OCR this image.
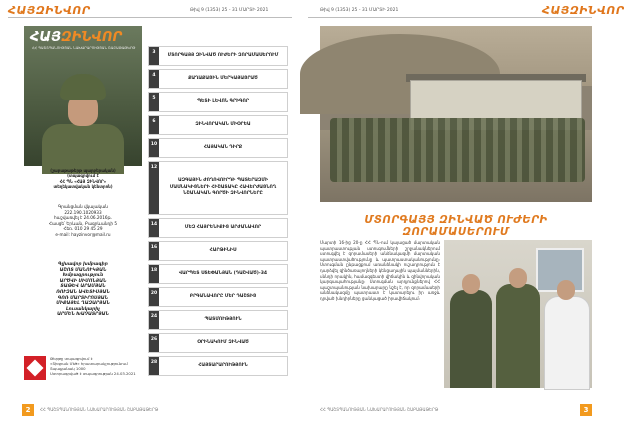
ՀԱՅԶԻՆՎՈՐ	Թիվ 9 (1353) 25 - 31 ՄԱՐՏԻ 2021
ՀԱՅԶԻՆՎՈՐ
ՀՀ ՊԱՇՏՊԱՆՈՒԹՅԱՆ ՆԱԽԱՐԱՐՈՒԹՅԱՆ ՇԱԲԱԹԱԹԵՐԹ
(շաբաթաթերթ պարբերական)
(տպագրվում է
ՀՀ ՊՆ «ՀԱՅ ԶԻՆՎՈՐ»
տեղեկատվական կենտրոն)
Գրանցման վկայական
222.190.1020933
հաշվառվել է 24.06.2016թ.
Հասցե՝ Երևան, Բագրևանդի 5
Հեռ. 010 29 45 29
e-mail: hayzinvor@mail.ru
Գլխավոր խմբագիր
ԱՇՈՏ ՄԱՆՈՒԿՅԱՆ
Խմբագրություն
ԱՐԾՎԻ ՍԻՄՈՆՅԱՆ
ՏԱԹԵՎ ԱՐԱՄՅԱՆ
ՌՈՒԶԱՆ ԱՎԵՏԻՍՅԱՆ
ԳՈՌ ՄԱՐՏԻՐՈՍՅԱՆ
ՄԻՔԱՅԵԼ ՂԱԶԱՐՅԱՆ
Լուսանկարիչ
ԱՐՄԵՆ ԽԱՉԱՏՐՅԱՆ
Թերթը տպագրվում է
«Տիգրան Մեծ» հրատարակչությունում
Տպաքանակ 1000
Ստորագրված է տպագրության 24.03.2021
3
ՄՏՈՐԳԱՅՅ ԶԻՆՎԱԾ ՈՒԺԵՐԻ ԶՈՐԱՄԱՍԵՐՈՒՄ
4
ՔԱՂԱՔԱՑԻՆ ՄԵՐԿԱՅԱՑՐԱԾ
5
ՊԵՏԻ ԼԵՎՈՆ ԳՐԻԳՈՐ
6
ԶԻՆՎՈՐԱԿԱՆ ՄԻՕՐԵԱ
10
ՀԱՅԱԿԱՆ ԴԻՐՔ
12
ԱԶԳԱՅԻՆ ԺՈՂՈՎՈՒՐԴԻ ՊԱՏԵՐԱԶՄԻ ՄԱՍՆԱԿԻՑՆԵՐԻ ՀԻՇԱՏԱԿԸ ՀԱՎԵՐԺԱՑՆՈՂ ՆՇԱՆԱԿԱՆ ԳՈՐԾԻ ԶԻՆՎՈՐՆԵՐԸ
14
ՄԵԶ ՀԱՅՐԵՆԻՔԻՑ ԱՐԺԱՆԱՎՈՐ
16
ՀԱՐԹԻՆԻՍ
18
ՎԱՐՊԵՏ ՍՏԵՓԱՆՅԱՆ (ԴԱՇՎԱԾ)-34
20
ԲՐԳԱՆԱՎՈՐԸ ՄԵՐ ԴԱՇՏԻՑ
24
ՊԱՏՄՈՒԹՅՈՒՆ
26
ՕՐԻՆԱԿՈՒՄ ԶԻՆՎԱԾ
28
ՀԱՅՏԱՐԱՐՈՒԹՅՈՒՆ
2	ՀՀ ՊԱՇՏՊԱՆՈՒԹՅԱՆ ՆԱԽԱՐԱՐՈՒԹՅԱՆ ՇԱԲԱԹԱԹԵՐԹ
Թիվ 9 (1353) 25 - 31 ՄԱՐՏԻ 2021	ՀԱՅԶԻՆՎՈՐ
ՄՏՈՐԳԱՅՅ ԶԻՆՎԱԾ ՈՒԺԵՐԻ ԶՈՐԱՄԱՍԵՐՈՒՄ

Մարտի 16-ից 20-ը ՀՀ ՊՆ-ում կայացած մարտական պատրաստության ստուգումների շրջանակներում ստուգվել է զորամասերի անձնակազմի մարտական պատրաստվածությունը և պատրաստականությունը։ Ստուգման ընթացքում առանձնակի ուշադրություն է դարձվել զինծառայողների կենցաղային պայմաններին, սննդի որակին, համազգեստի վիճակին և զինվորական կարգապահությանը։ Ստուգման արդյունքներով ՀՀ պաշտպանության նախարարը նշել է, որ զորամասերի անձնակազմը պատրաստ է կատարելու իր առջև դրված խնդիրները ցանկացած իրավիճակում։

ՀՀ ՊԱՇՏՊԱՆՈՒԹՅԱՆ ՆԱԽԱՐԱՐՈՒԹՅԱՆ ՇԱԲԱԹԱԹԵՐԹ	3
